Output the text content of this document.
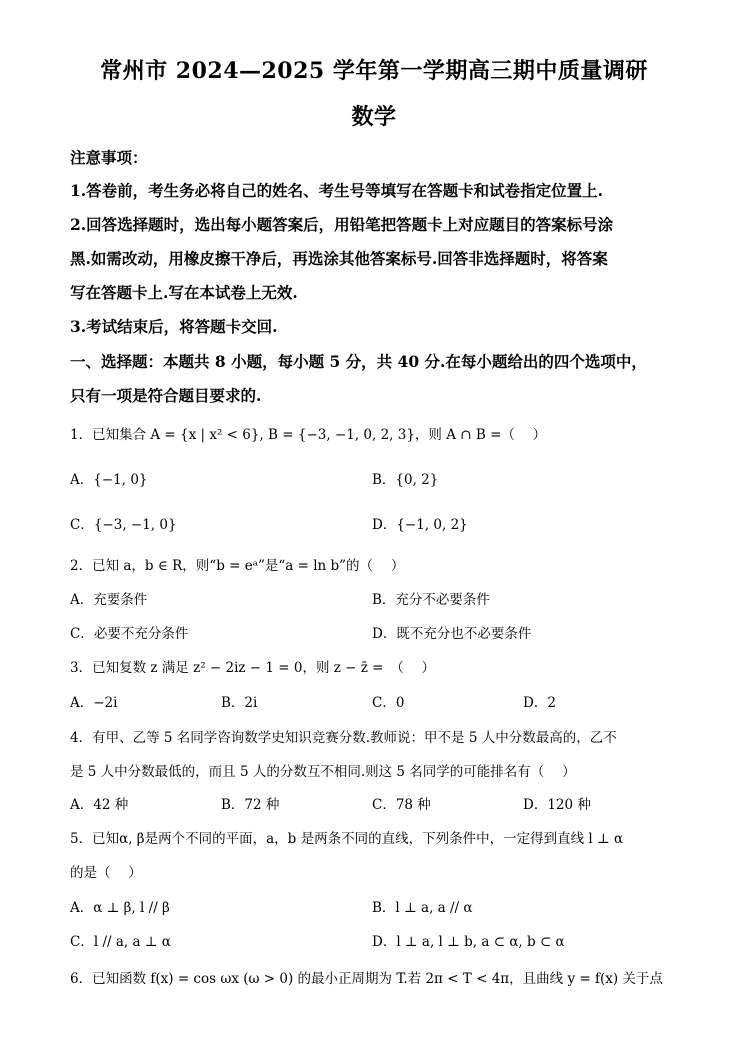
常州市 2024—2025 学年第一学期高三期中质量调研
数学
注意事项：
1.答卷前，考生务必将自己的姓名、考生号等填写在答题卡和试卷指定位置上.
2.回答选择题时，选出每小题答案后，用铅笔把答题卡上对应题目的答案标号涂
黑.如需改动，用橡皮擦干净后，再选涂其他答案标号.回答非选择题时，将答案
写在答题卡上.写在本试卷上无效.
3.考试结束后，将答题卡交回.
一、选择题：本题共 8 小题，每小题 5 分，共 40 分.在每小题给出的四个选项中，
只有一项是符合题目要求的.
1．已知集合 A = {x | x² < 6}, B = {−3, −1, 0, 2, 3}，则 A ∩ B =（　 ）
A．{−1, 0}	B．{0, 2}
C．{−3, −1, 0}	D．{−1, 0, 2}
2．已知 a，b ∈ R，则“b = eᵃ”是“a = ln b”的（　 ）
A．充要条件	B．充分不必要条件
C．必要不充分条件	D．既不充分也不必要条件
3．已知复数 z 满足 z² − 2iz − 1 = 0，则 z − z̄ =　（　 ）
A．−2i	B．2i	C．0	D．2
4．有甲、乙等 5 名同学咨询数学史知识竞赛分数.教师说：甲不是 5 人中分数最高的，乙不
是 5 人中分数最低的，而且 5 人的分数互不相同.则这 5 名同学的可能排名有（　 ）
A．42 种	B．72 种	C．78 种	D．120 种
5．已知α, β是两个不同的平面，a，b 是两条不同的直线，下列条件中，一定得到直线 l ⊥ α
的是（　 ）
A．α ⊥ β, l // β	B．l ⊥ a, a // α
C．l // a, a ⊥ α	D．l ⊥ a, l ⊥ b, a ⊂ α, b ⊂ α
6．已知函数 f(x) = cos ωx (ω > 0) 的最小正周期为 T.若 2π < T < 4π，且曲线 y = f(x) 关于点
